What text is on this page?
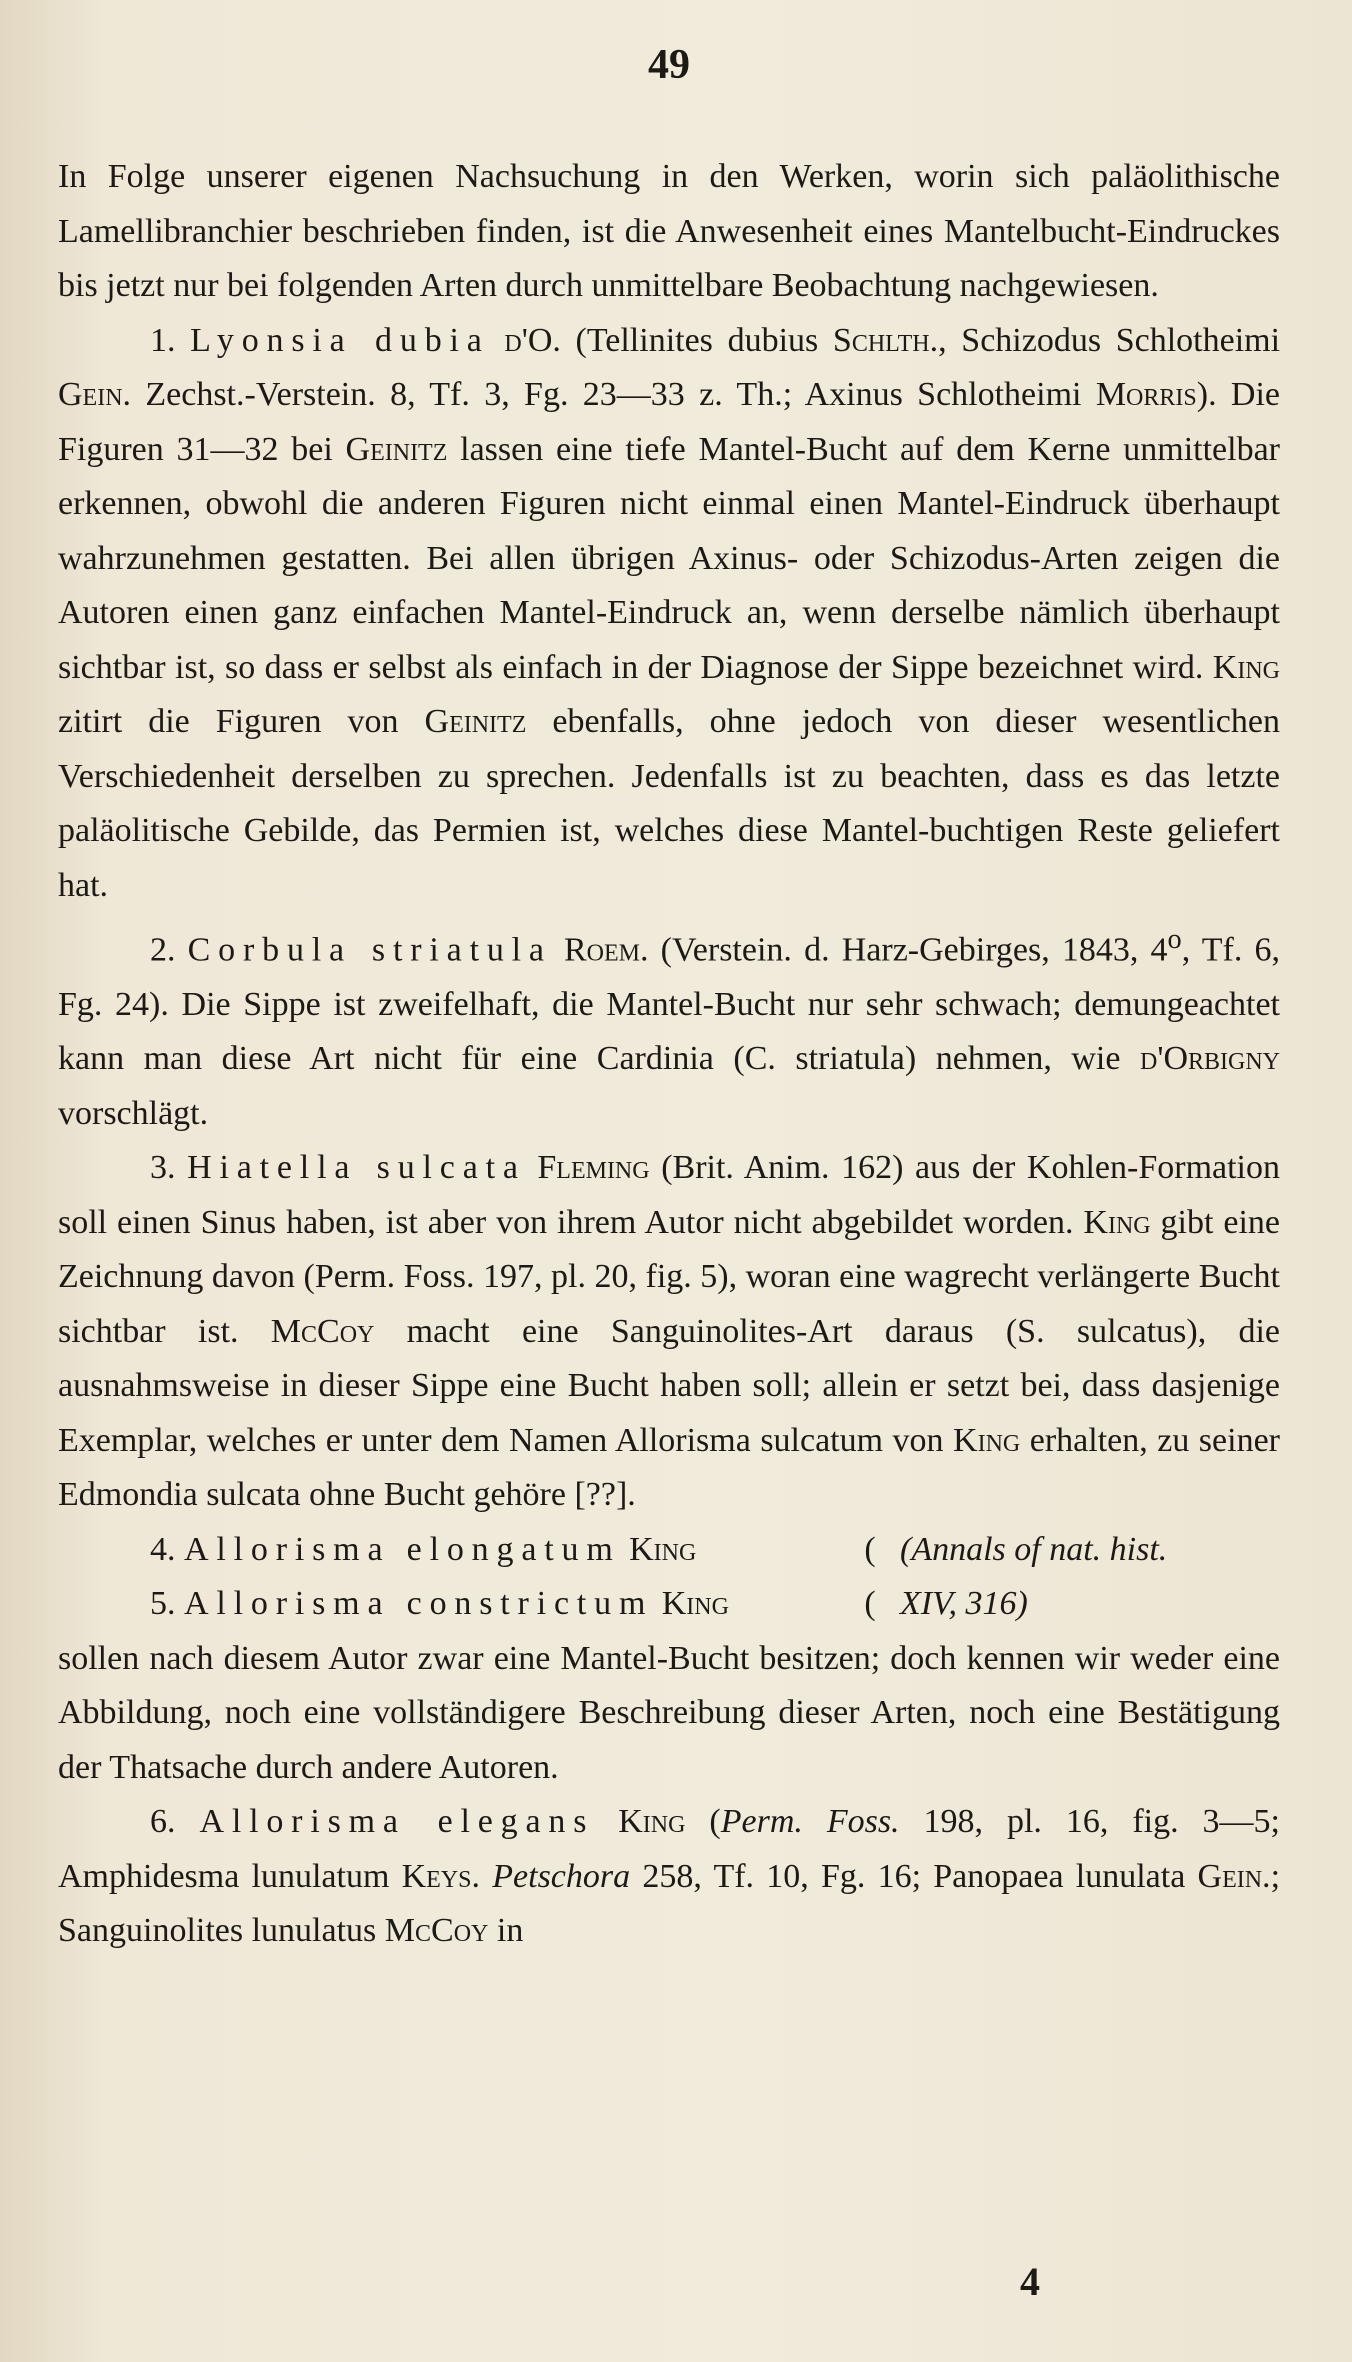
49

In Folge unserer eigenen Nachsuchung in den Werken, worin sich paläolithische Lamellibranchier beschrieben finden, ist die Anwesenheit eines Mantelbucht-Eindruckes bis jetzt nur bei folgenden Arten durch unmittelbare Beobachtung nachgewiesen.

1. Lyonsia dubia d'O. (Tellinites dubius Schlth., Schizodus Schlotheimi Gein. Zechst.-Verstein. 8, Tf. 3, Fg. 23—33 z. Th.; Axinus Schlotheimi Morris). Die Figuren 31—32 bei Geinitz lassen eine tiefe Mantel-Bucht auf dem Kerne unmittelbar erkennen, obwohl die anderen Figuren nicht einmal einen Mantel-Eindruck überhaupt wahrzunehmen gestatten. Bei allen übrigen Axinus- oder Schizodus-Arten zeigen die Autoren einen ganz einfachen Mantel-Eindruck an, wenn derselbe nämlich überhaupt sichtbar ist, so dass er selbst als einfach in der Diagnose der Sippe bezeichnet wird. King zitirt die Figuren von Geinitz ebenfalls, ohne jedoch von dieser wesentlichen Verschiedenheit derselben zu sprechen. Jedenfalls ist zu beachten, dass es das letzte paläolitische Gebilde, das Permien ist, welches diese Mantel-buchtigen Reste geliefert hat.

2. Corbula striatula Roem. (Verstein. d. Harz-Gebirges, 1843, 4$^o$, Tf. 6, Fg. 24). Die Sippe ist zweifelhaft, die Mantel-Bucht nur sehr schwach; demungeachtet kann man diese Art nicht für eine Cardinia (C. striatula) nehmen, wie d'Orbigny vorschlägt.

3. Hiatella sulcata Fleming (Brit. Anim. 162) aus der Kohlen-Formation soll einen Sinus haben, ist aber von ihrem Autor nicht abgebildet worden. King gibt eine Zeichnung davon (Perm. Foss. 197, pl. 20, fig. 5), woran eine wagrecht verlängerte Bucht sichtbar ist. McCoy macht eine Sanguinolites-Art daraus (S. sulcatus), die ausnahmsweise in dieser Sippe eine Bucht haben soll; allein er setzt bei, dass dasjenige Exemplar, welches er unter dem Namen Allorisma sulcatum von King erhalten, zu seiner Edmondia sulcata ohne Bucht gehöre [??].

4. Allorisma elongatum King	( (Annals of nat. hist.
5. Allorisma constrictum King	( XIV, 316)

sollen nach diesem Autor zwar eine Mantel-Bucht besitzen; doch kennen wir weder eine Abbildung, noch eine vollständigere Beschreibung dieser Arten, noch eine Bestätigung der Thatsache durch andere Autoren.

6. Allorisma elegans King (Perm. Foss. 198, pl. 16, fig. 3—5; Amphidesma lunulatum Keys. Petschora 258, Tf. 10, Fg. 16; Panopaea lunulata Gein.; Sanguinolites lunulatus McCoy in

4
